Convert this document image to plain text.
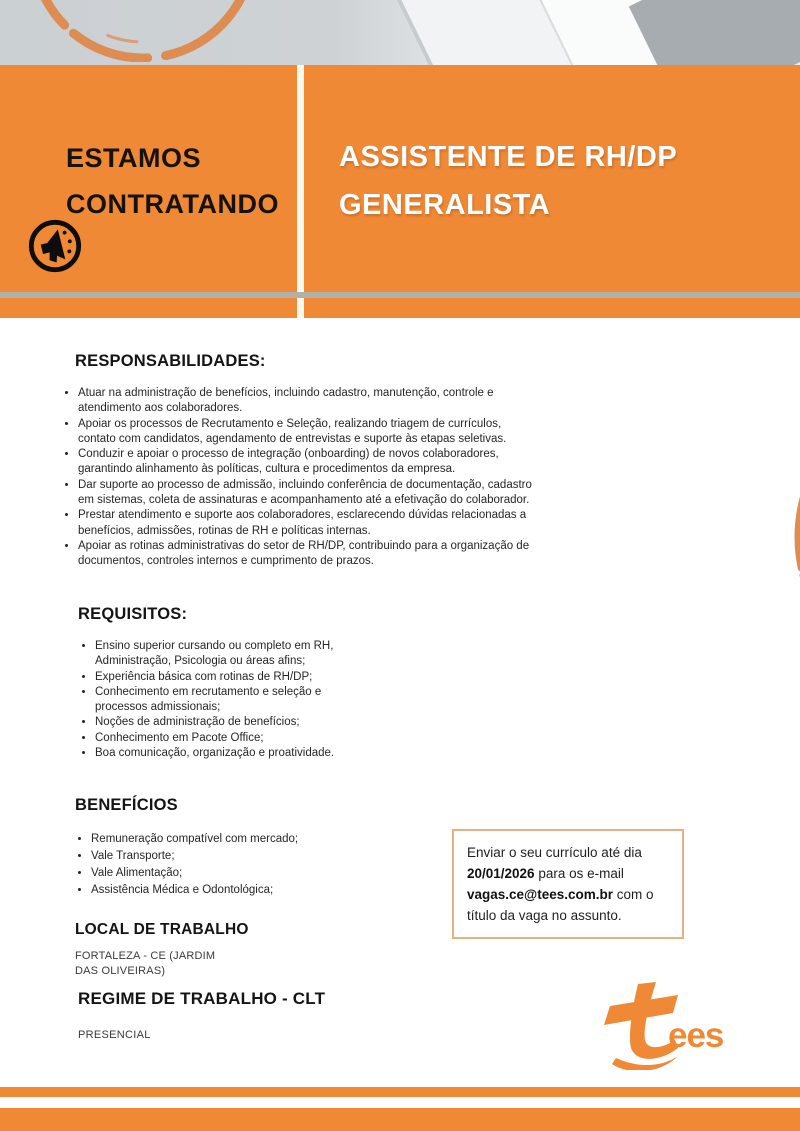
ESTAMOS
CONTRATANDO
ASSISTENTE DE RH/DP
GENERALISTA
RESPONSABILIDADES:
• Atuar na administração de benefícios, incluindo cadastro, manutenção, controle e atendimento aos colaboradores.
• Apoiar os processos de Recrutamento e Seleção, realizando triagem de currículos, contato com candidatos, agendamento de entrevistas e suporte às etapas seletivas.
• Conduzir e apoiar o processo de integração (onboarding) de novos colaboradores, garantindo alinhamento às políticas, cultura e procedimentos da empresa.
• Dar suporte ao processo de admissão, incluindo conferência de documentação, cadastro em sistemas, coleta de assinaturas e acompanhamento até a efetivação do colaborador.
• Prestar atendimento e suporte aos colaboradores, esclarecendo dúvidas relacionadas a benefícios, admissões, rotinas de RH e políticas internas.
• Apoiar as rotinas administrativas do setor de RH/DP, contribuindo para a organização de documentos, controles internos e cumprimento de prazos.
REQUISITOS:
• Ensino superior cursando ou completo em RH, Administração, Psicologia ou áreas afins;
• Experiência básica com rotinas de RH/DP;
• Conhecimento em recrutamento e seleção e processos admissionais;
• Noções de administração de benefícios;
• Conhecimento em Pacote Office;
• Boa comunicação, organização e proatividade.
BENEFÍCIOS
• Remuneração compatível com mercado;
• Vale Transporte;
• Vale Alimentação;
• Assistência Médica e Odontológica;

Enviar o seu currículo até dia 20/01/2026 para os e-mail vagas.ce@tees.com.br com o título da vaga no assunto.

LOCAL DE TRABALHO
FORTALEZA - CE (JARDIM
DAS OLIVEIRAS)
REGIME DE TRABALHO - CLT
PRESENCIAL	ees
